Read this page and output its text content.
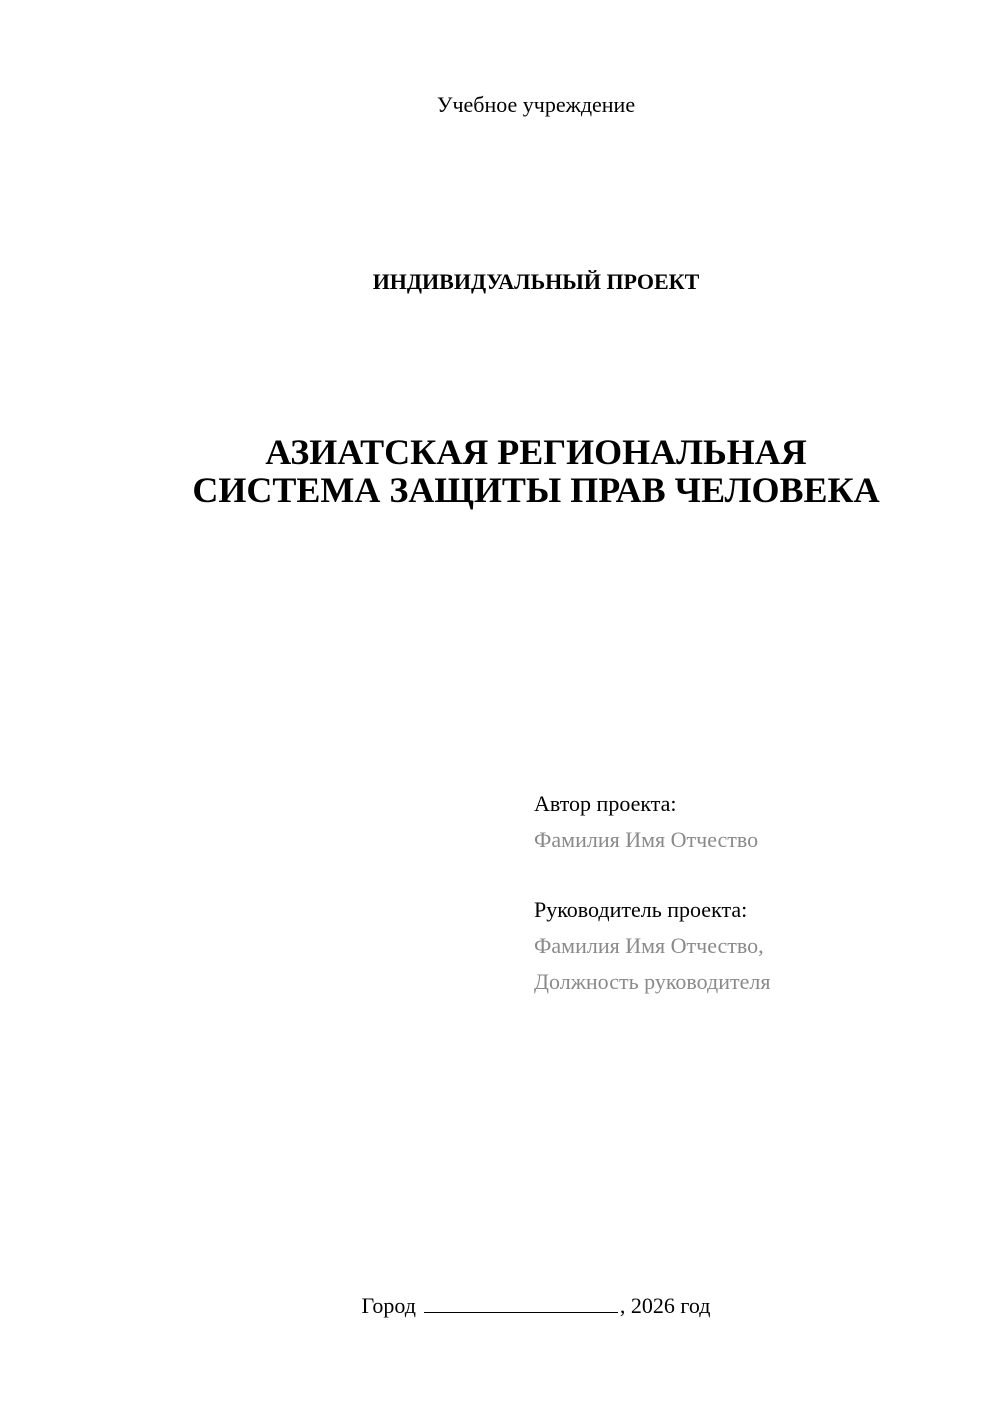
Учебное учреждение
ИНДИВИДУАЛЬНЫЙ ПРОЕКТ
АЗИАТСКАЯ РЕГИОНАЛЬНАЯ
СИСТЕМА ЗАЩИТЫ ПРАВ ЧЕЛОВЕКА
Автор проекта:
Фамилия Имя Отчество
Руководитель проекта:
Фамилия Имя Отчество,
Должность руководителя
Город	, 2026 год
